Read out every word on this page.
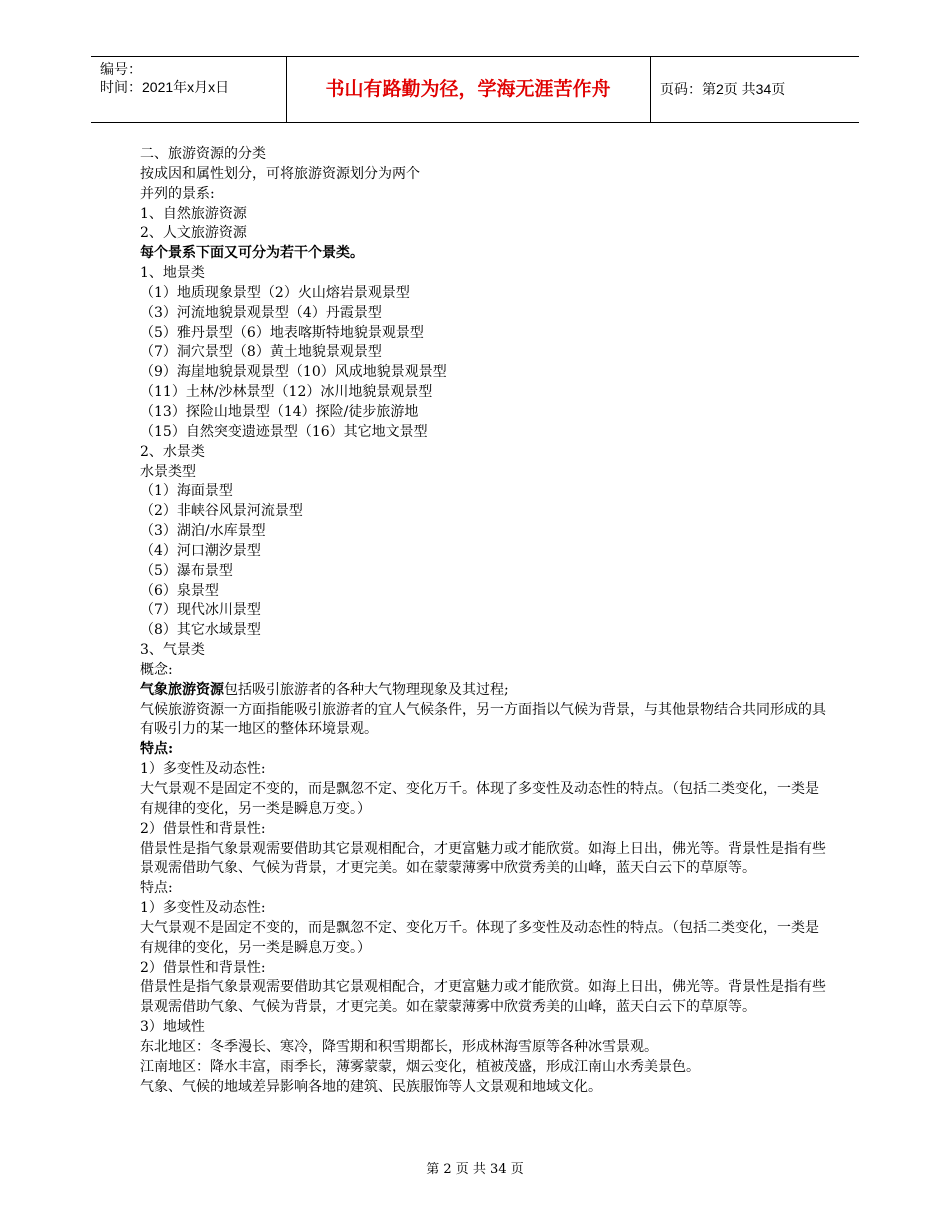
编号：
时间：2021年x月x日	书山有路勤为径，学海无涯苦作舟	页码：第2页 共34页
二、旅游资源的分类
按成因和属性划分，可将旅游资源划分为两个
并列的景系:
1、自然旅游资源
2、人文旅游资源
每个景系下面又可分为若干个景类。
1、地景类
（1）地质现象景型（2）火山熔岩景观景型
（3）河流地貌景观景型（4）丹霞景型
（5）雅丹景型（6）地表喀斯特地貌景观景型
（7）洞穴景型（8）黄土地貌景观景型
（9）海崖地貌景观景型（10）风成地貌景观景型
（11）土林/沙林景型（12）冰川地貌景观景型
（13）探险山地景型（14）探险/徒步旅游地
（15）自然突变遗迹景型（16）其它地文景型
2、水景类
水景类型
（1）海面景型
（2）非峡谷风景河流景型
（3）湖泊/水库景型
（4）河口潮汐景型
（5）瀑布景型
（6）泉景型
（7）现代冰川景型
（8）其它水域景型
3、气景类
概念:
气象旅游资源包括吸引旅游者的各种大气物理现象及其过程;
气候旅游资源一方面指能吸引旅游者的宜人气候条件，另一方面指以气候为背景，与其他景物结合共同形成的具有吸引力的某一地区的整体环境景观。
特点:
1）多变性及动态性:
大气景观不是固定不变的，而是飘忽不定、变化万千。体现了多变性及动态性的特点。（包括二类变化，一类是有规律的变化，另一类是瞬息万变。）
2）借景性和背景性:
借景性是指气象景观需要借助其它景观相配合，才更富魅力或才能欣赏。如海上日出，佛光等。背景性是指有些景观需借助气象、气候为背景，才更完美。如在蒙蒙薄雾中欣赏秀美的山峰，蓝天白云下的草原等。
特点:
1）多变性及动态性:
大气景观不是固定不变的，而是飘忽不定、变化万千。体现了多变性及动态性的特点。（包括二类变化，一类是有规律的变化，另一类是瞬息万变。）
2）借景性和背景性:
借景性是指气象景观需要借助其它景观相配合，才更富魅力或才能欣赏。如海上日出，佛光等。背景性是指有些景观需借助气象、气候为背景，才更完美。如在蒙蒙薄雾中欣赏秀美的山峰，蓝天白云下的草原等。
3）地域性
东北地区：冬季漫长、寒冷，降雪期和积雪期都长，形成林海雪原等各种冰雪景观。
江南地区：降水丰富，雨季长，薄雾蒙蒙，烟云变化，植被茂盛，形成江南山水秀美景色。
气象、气候的地域差异影响各地的建筑、民族服饰等人文景观和地域文化。
第 2 页 共 34 页
